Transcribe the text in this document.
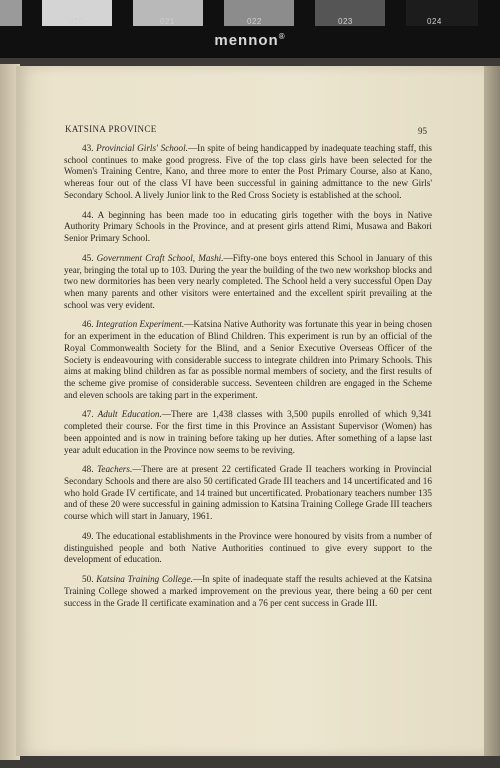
020	021	022	023	024
mennon®
KATSINA PROVINCE	95

43. Provincial Girls' School.—In spite of being handicapped by inadequate teaching staff, this school continues to make good progress. Five of the top class girls have been selected for the Women's Training Centre, Kano, and three more to enter the Post Primary Course, also at Kano, whereas four out of the class VI have been successful in gaining admittance to the new Girls' Secondary School. A lively Junior link to the Red Cross Society is established at the school.

44. A beginning has been made too in educating girls together with the boys in Native Authority Primary Schools in the Province, and at present girls attend Rimi, Musawa and Bakori Senior Primary School.

45. Government Craft School, Mashi.—Fifty-one boys entered this School in January of this year, bringing the total up to 103. During the year the building of the two new workshop blocks and two new dormitories has been very nearly completed. The School held a very successful Open Day when many parents and other visitors were entertained and the excellent spirit prevailing at the school was very evident.

46. Integration Experiment.—Katsina Native Authority was fortunate this year in being chosen for an experiment in the education of Blind Children. This experiment is run by an official of the Royal Commonwealth Society for the Blind, and a Senior Executive Overseas Officer of the Society is endeavouring with considerable success to integrate children into Primary Schools. This aims at making blind children as far as possible normal members of society, and the first results of the scheme give promise of considerable success. Seventeen children are engaged in the Scheme and eleven schools are taking part in the experiment.

47. Adult Education.—There are 1,438 classes with 3,500 pupils enrolled of which 9,341 completed their course. For the first time in this Province an Assistant Supervisor (Women) has been appointed and is now in training before taking up her duties. After something of a lapse last year adult education in the Province now seems to be reviving.

48. Teachers.—There are at present 22 certificated Grade II teachers working in Provincial Secondary Schools and there are also 50 certificated Grade III teachers and 14 uncertificated and 16 who hold Grade IV certificate, and 14 trained but uncertificated. Probationary teachers number 135 and of these 20 were successful in gaining admission to Katsina Training College Grade III teachers course which will start in January, 1961.

49. The educational establishments in the Province were honoured by visits from a number of distinguished people and both Native Authorities continued to give every support to the development of education.

50. Katsina Training College.—In spite of inadequate staff the results achieved at the Katsina Training College showed a marked improvement on the previous year, there being a 60 per cent success in the Grade II certificate examination and a 76 per cent success in Grade III.
